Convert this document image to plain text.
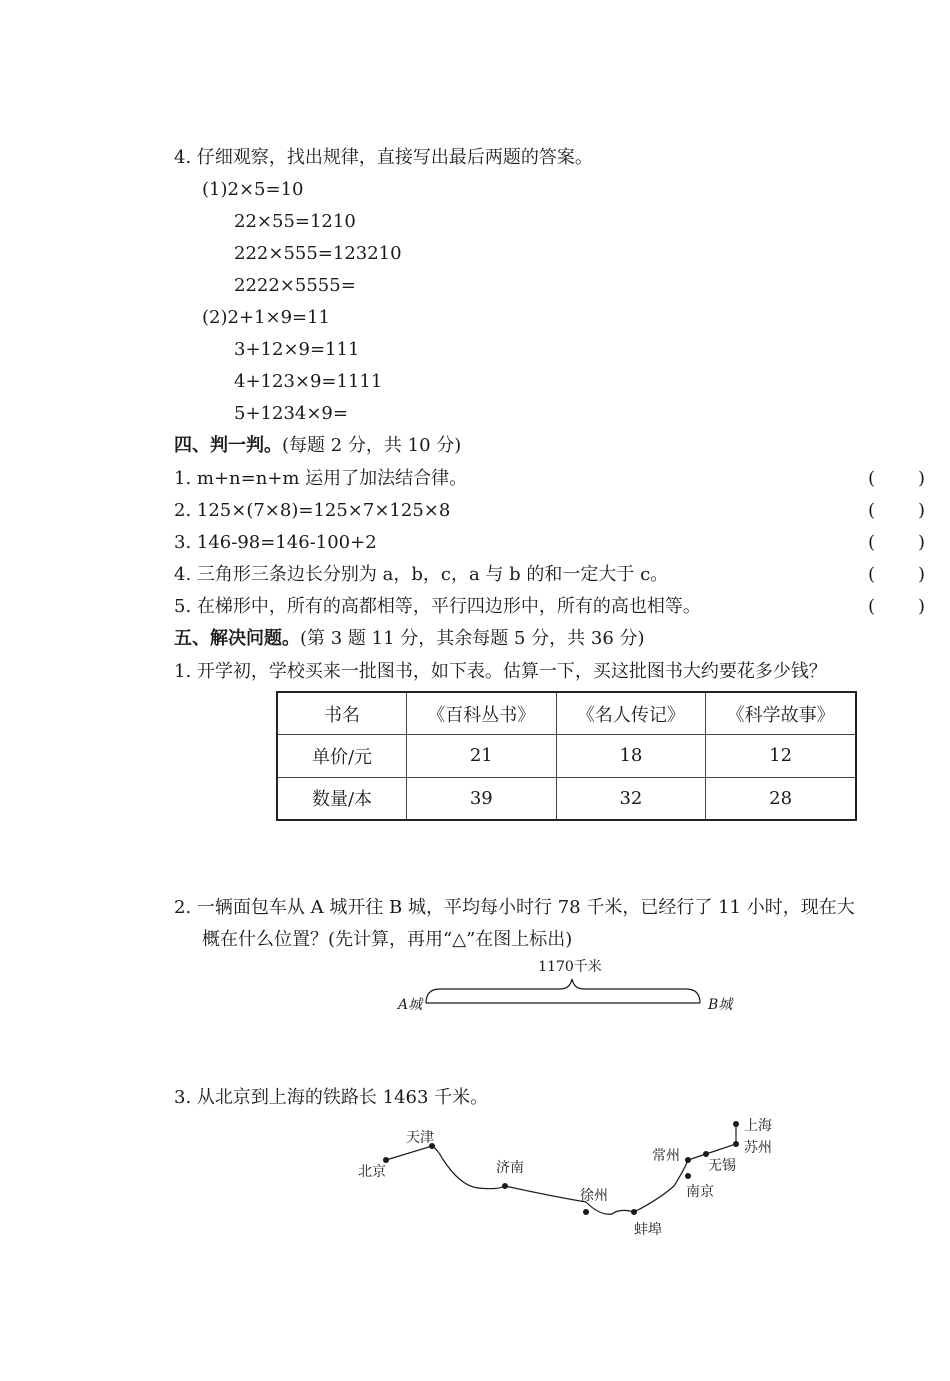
4. 仔细观察，找出规律，直接写出最后两题的答案。
(1)2×5=10
22×55=1210
222×555=123210
2222×5555=
(2)2+1×9=11
3+12×9=111
4+123×9=1111
5+1234×9=
四、判一判。(每题 2 分，共 10 分)
1. m+n=n+m 运用了加法结合律。	( )
2. 125×(7×8)=125×7×125×8	( )
3. 146-98=146-100+2	( )
4. 三角形三条边长分别为 a，b，c，a 与 b 的和一定大于 c。	( )
5. 在梯形中，所有的高都相等，平行四边形中，所有的高也相等。	( )
五、解决问题。(第 3 题 11 分，其余每题 5 分，共 36 分)
1. 开学初，学校买来一批图书，如下表。估算一下，买这批图书大约要花多少钱？
书名	《百科丛书》	《名人传记》	《科学故事》
单价/元	21	18	12
数量/本	39	32	28
2. 一辆面包车从 A 城开往 B 城，平均每小时行 78 千米，已经行了 11 小时，现在大
概在什么位置？(先计算，再用“△”在图上标出)
1170千米
A城	B城
3. 从北京到上海的铁路长 1463 千米。
北京
天津
济南
徐州
蚌埠
南京
常州
无锡
苏州
上海
